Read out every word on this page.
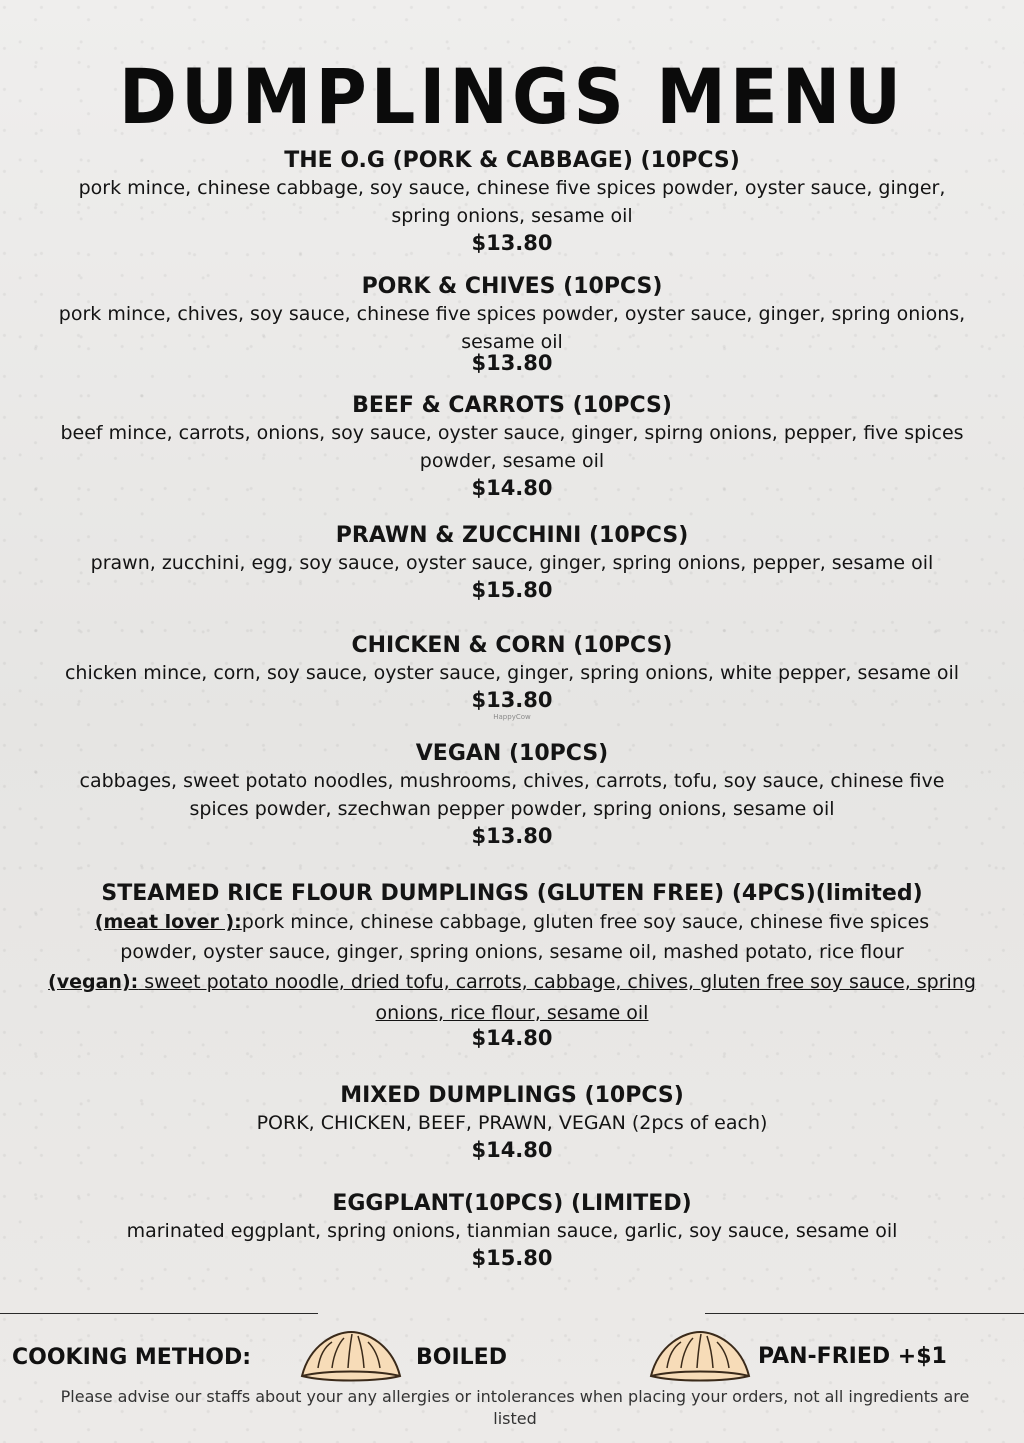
DUMPLINGS MENU
THE O.G (PORK & CABBAGE) (10PCS)
pork mince, chinese cabbage, soy sauce, chinese five spices powder, oyster sauce, ginger, spring onions, sesame oil
$13.80
PORK & CHIVES (10PCS)
pork mince, chives, soy sauce, chinese five spices powder, oyster sauce, ginger, spring onions, sesame oil
$13.80
BEEF & CARROTS (10PCS)
beef mince, carrots, onions, soy sauce, oyster sauce, ginger, spirng onions, pepper, five spices powder, sesame oil
$14.80
PRAWN & ZUCCHINI (10PCS)
prawn, zucchini, egg, soy sauce, oyster sauce, ginger, spring onions, pepper, sesame oil
$15.80
CHICKEN & CORN (10PCS)
chicken mince, corn, soy sauce, oyster sauce, ginger, spring onions, white pepper, sesame oil
$13.80
HappyCow
VEGAN (10PCS)
cabbages, sweet potato noodles, mushrooms, chives, carrots, tofu, soy sauce, chinese five spices powder, szechwan pepper powder, spring onions, sesame oil
$13.80
STEAMED RICE FLOUR DUMPLINGS (GLUTEN FREE) (4PCS)(limited)
(meat lover ):pork mince, chinese cabbage, gluten free soy sauce, chinese five spices powder, oyster sauce, ginger, spring onions, sesame oil, mashed potato, rice flour
(vegan): sweet potato noodle, dried tofu, carrots, cabbage, chives, gluten free soy sauce, spring onions, rice flour, sesame oil
$14.80
MIXED DUMPLINGS (10PCS)
PORK, CHICKEN, BEEF, PRAWN, VEGAN (2pcs of each)
$14.80
EGGPLANT(10PCS) (LIMITED)
marinated eggplant, spring onions, tianmian sauce, garlic, soy sauce, sesame oil
$15.80
COOKING METHOD:	BOILED	PAN-FRIED +$1
Please advise our staffs about your any allergies or intolerances when placing your orders, not all ingredients are listed
